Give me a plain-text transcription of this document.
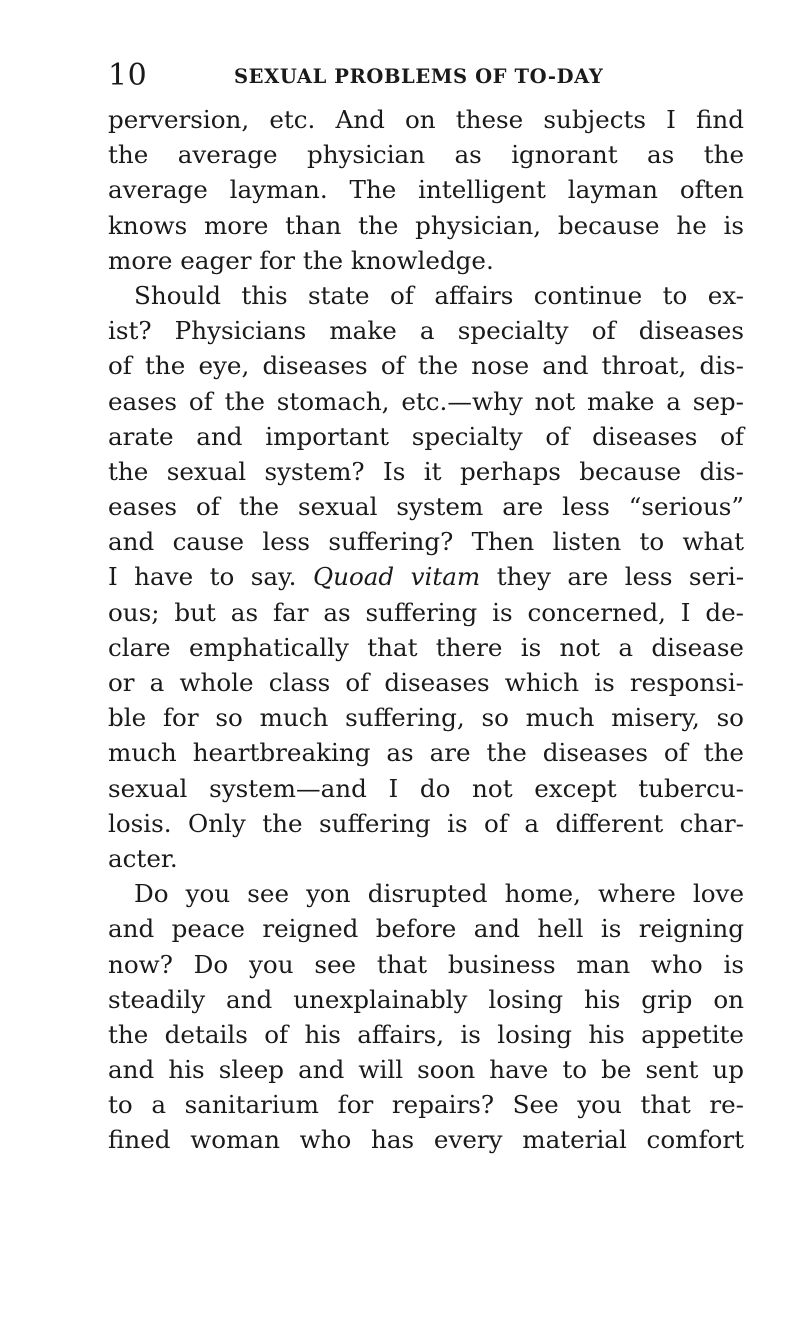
10	SEXUAL PROBLEMS OF TO-DAY
perversion, etc. And on these subjects I find
the average physician as ignorant as the
average layman. The intelligent layman often
knows more than the physician, because he is
more eager for the knowledge.
Should this state of affairs continue to ex-
ist? Physicians make a specialty of diseases
of the eye, diseases of the nose and throat, dis-
eases of the stomach, etc.—why not make a sep-
arate and important specialty of diseases of
the sexual system? Is it perhaps because dis-
eases of the sexual system are less “serious”
and cause less suffering? Then listen to what
I have to say. Quoad vitam they are less seri-
ous; but as far as suffering is concerned, I de-
clare emphatically that there is not a disease
or a whole class of diseases which is responsi-
ble for so much suffering, so much misery, so
much heartbreaking as are the diseases of the
sexual system—and I do not except tubercu-
losis. Only the suffering is of a different char-
acter.
Do you see yon disrupted home, where love
and peace reigned before and hell is reigning
now? Do you see that business man who is
steadily and unexplainably losing his grip on
the details of his affairs, is losing his appetite
and his sleep and will soon have to be sent up
to a sanitarium for repairs? See you that re-
fined woman who has every material comfort
